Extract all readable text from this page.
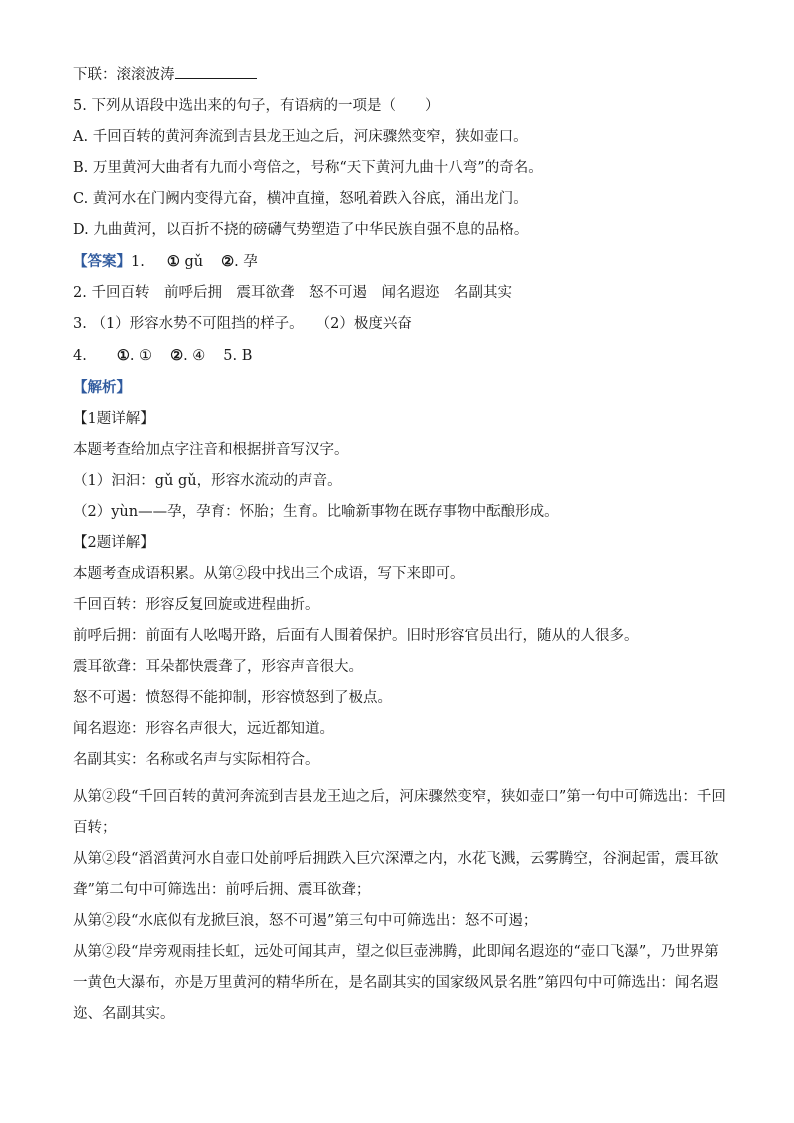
下联：滚滚波涛
5. 下列从语段中选出来的句子，有语病的一项是（　　）
A. 千回百转的黄河奔流到吉县龙王辿之后，河床骤然变窄，狭如壶口。
B. 万里黄河大曲者有九而小弯倍之，号称“天下黄河九曲十八弯”的奇名。
C. 黄河水在门阙内变得亢奋，横冲直撞，怒吼着跌入谷底，涌出龙门。
D. 九曲黄河，以百折不挠的磅礴气势塑造了中华民族自强不息的品格。
【答案】1. ① gǔ ②. 孕
2. 千回百转　前呼后拥　震耳欲聋　怒不可遏　闻名遐迩　名副其实
3. （1）形容水势不可阻挡的样子。 （2）极度兴奋
4. ①. ① ②. ④ 5. B
【解析】
【1题详解】
本题考查给加点字注音和根据拼音写汉字。
（1）汩汩：gǔ gǔ，形容水流动的声音。
（2）yùn——孕，孕育：怀胎；生育。比喻新事物在既存事物中酝酿形成。
【2题详解】
本题考查成语积累。从第②段中找出三个成语，写下来即可。
千回百转：形容反复回旋或进程曲折。
前呼后拥：前面有人吆喝开路，后面有人围着保护。旧时形容官员出行，随从的人很多。
震耳欲聋：耳朵都快震聋了，形容声音很大。
怒不可遏：愤怒得不能抑制，形容愤怒到了极点。
闻名遐迩：形容名声很大，远近都知道。
名副其实：名称或名声与实际相符合。
从第②段“千回百转的黄河奔流到吉县龙王辿之后，河床骤然变窄，狭如壶口”第一句中可筛选出：千回百转；
从第②段“滔滔黄河水自壶口处前呼后拥跌入巨穴深潭之内，水花飞溅，云雾腾空，谷涧起雷，震耳欲聋”第二句中可筛选出：前呼后拥、震耳欲聋；
从第②段“水底似有龙掀巨浪，怒不可遏”第三句中可筛选出：怒不可遏；
从第②段“岸旁观雨挂长虹，远处可闻其声，望之似巨壶沸腾，此即闻名遐迩的“壶口飞瀑”，乃世界第一黄色大瀑布，亦是万里黄河的精华所在，是名副其实的国家级风景名胜”第四句中可筛选出：闻名遐迩、名副其实。
